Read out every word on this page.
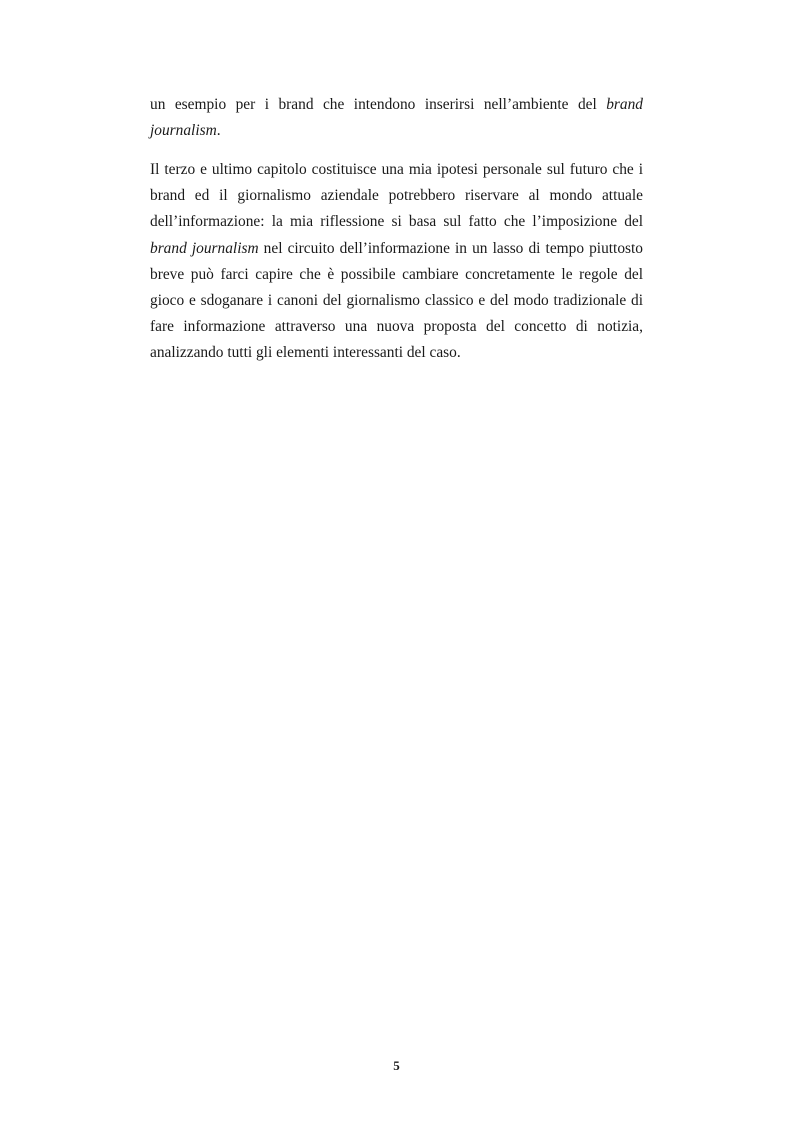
un esempio per i brand che intendono inserirsi nell’ambiente del brand journalism.

Il terzo e ultimo capitolo costituisce una mia ipotesi personale sul futuro che i brand ed il giornalismo aziendale potrebbero riservare al mondo attuale dell’informazione: la mia riflessione si basa sul fatto che l’imposizione del brand journalism nel circuito dell’informazione in un lasso di tempo piuttosto breve può farci capire che è possibile cambiare concretamente le regole del gioco e sdoganare i canoni del giornalismo classico e del modo tradizionale di fare informazione attraverso una nuova proposta del concetto di notizia, analizzando tutti gli elementi interessanti del caso.

5
